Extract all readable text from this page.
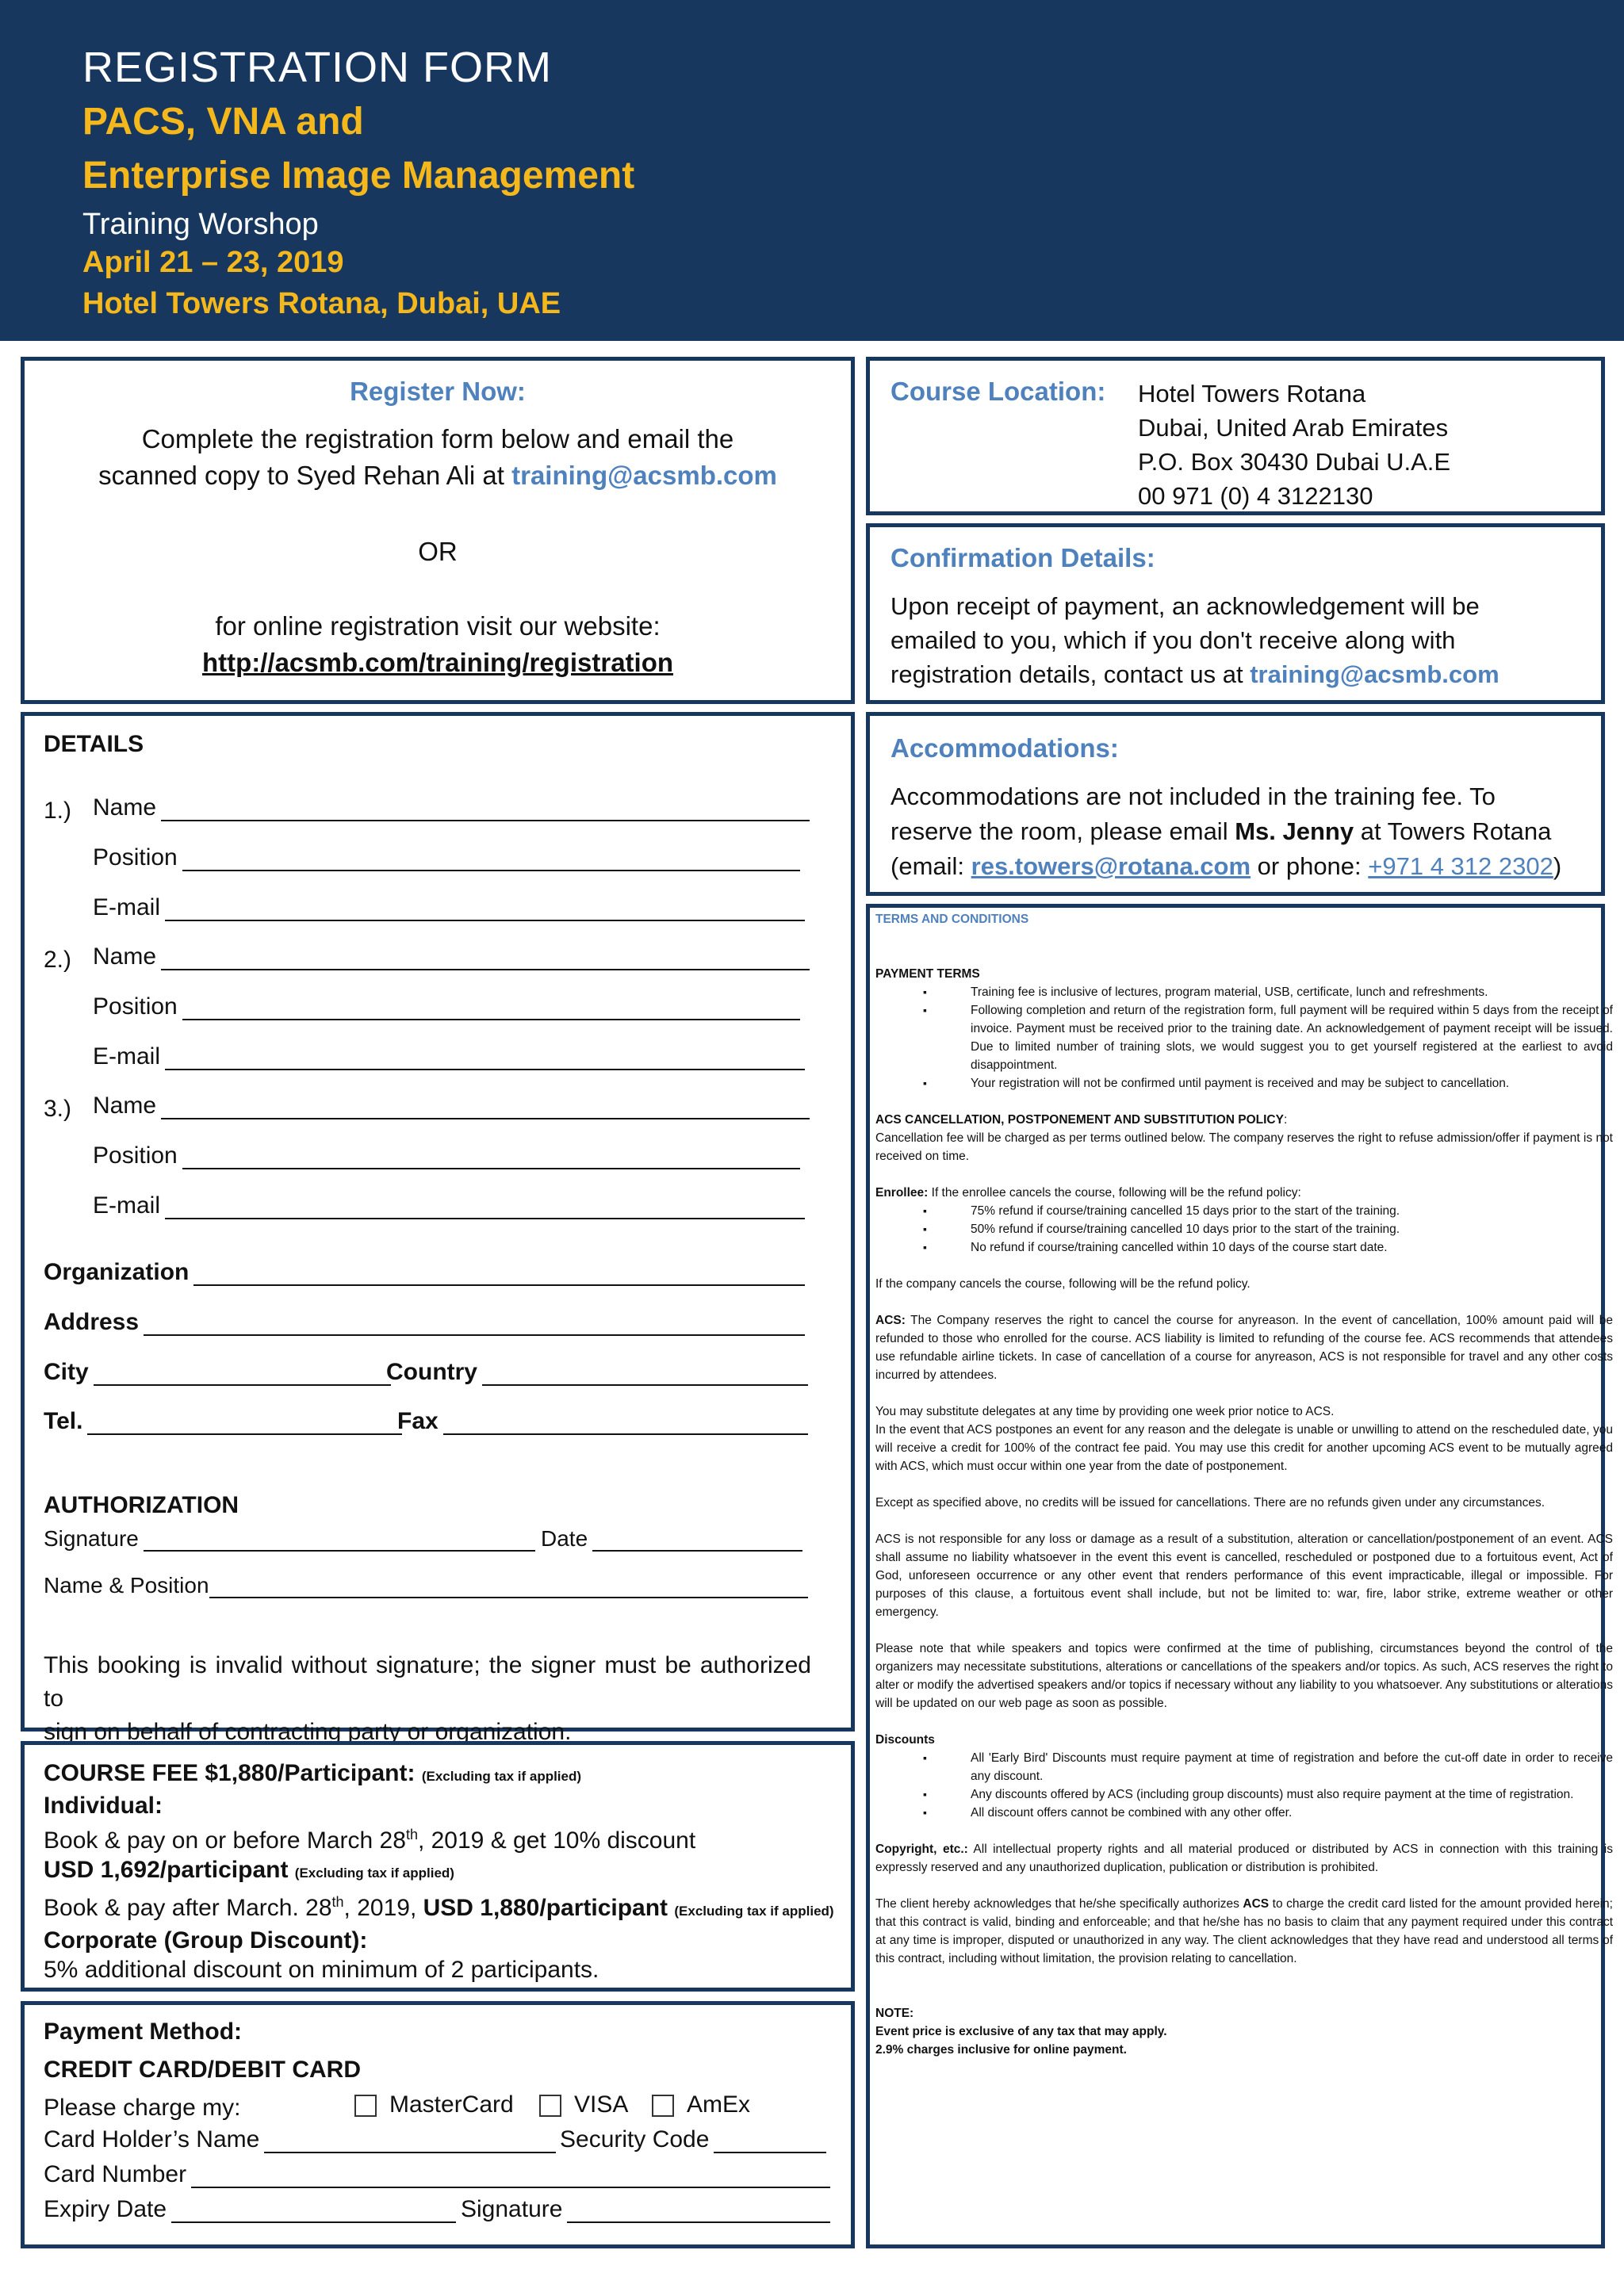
REGISTRATION FORM
PACS, VNA and
Enterprise Image Management
Training Worshop
April 21 – 23, 2019
Hotel Towers Rotana, Dubai, UAE
Register Now:
Complete the registration form below and email the
scanned copy to Syed Rehan Ali at training@acsmb.com
OR
for online registration visit our website:
http://acsmb.com/training/registration
Course Location: Hotel Towers Rotana
Dubai, United Arab Emirates
P.O. Box 30430 Dubai U.A.E
00 971 (0) 4 3122130
Confirmation Details:
Upon receipt of payment, an acknowledgement will be
emailed to you, which if you don't receive along with
registration details, contact us at training@acsmb.com
Accommodations:
Accommodations are not included in the training fee. To
reserve the room, please email Ms. Jenny at Towers Rotana
(email: res.towers@rotana.com or phone: +971 4 312 2302)

TERMS AND CONDITIONS

PAYMENT TERMS

▪ Training fee is inclusive of lectures, program material, USB, certificate, lunch and refreshments.
▪ Following completion and return of the registration form, full payment will be required within 5 days from the receipt of invoice. Payment must be received prior to the training date. An acknowledgement of payment receipt will be issued. Due to limited number of training slots, we would suggest you to get yourself registered at the earliest to avoid disappointment.
▪ Your registration will not be confirmed until payment is received and may be subject to cancellation.

ACS CANCELLATION, POSTPONEMENT AND SUBSTITUTION POLICY:

Cancellation fee will be charged as per terms outlined below. The company reserves the right to refuse admission/offer if payment is not received on time.

Enrollee: If the enrollee cancels the course, following will be the refund policy:

▪ 75% refund if course/training cancelled 15 days prior to the start of the training.
▪ 50% refund if course/training cancelled 10 days prior to the start of the training.
▪ No refund if course/training cancelled within 10 days of the course start date.

If the company cancels the course, following will be the refund policy.

ACS: The Company reserves the right to cancel the course for anyreason. In the event of cancellation, 100% amount paid will be refunded to those who enrolled for the course. ACS liability is limited to refunding of the course fee. ACS recommends that attendees use refundable airline tickets. In case of cancellation of a course for anyreason, ACS is not responsible for travel and any other costs incurred by attendees.

You may substitute delegates at any time by providing one week prior notice to ACS.

In the event that ACS postpones an event for any reason and the delegate is unable or unwilling to attend on the rescheduled date, you will receive a credit for 100% of the contract fee paid. You may use this credit for another upcoming ACS event to be mutually agreed with ACS, which must occur within one year from the date of postponement.

Except as specified above, no credits will be issued for cancellations. There are no refunds given under any circumstances.

ACS is not responsible for any loss or damage as a result of a substitution, alteration or cancellation/postponement of an event. ACS shall assume no liability whatsoever in the event this event is cancelled, rescheduled or postponed due to a fortuitous event, Act of God, unforeseen occurrence or any other event that renders performance of this event impracticable, illegal or impossible. For purposes of this clause, a fortuitous event shall include, but not be limited to: war, fire, labor strike, extreme weather or other emergency.

Please note that while speakers and topics were confirmed at the time of publishing, circumstances beyond the control of the organizers may necessitate substitutions, alterations or cancellations of the speakers and/or topics. As such, ACS reserves the right to alter or modify the advertised speakers and/or topics if necessary without any liability to you whatsoever. Any substitutions or alterations will be updated on our web page as soon as possible.

Discounts

▪ All 'Early Bird' Discounts must require payment at time of registration and before the cut-off date in order to receive any discount.
▪ Any discounts offered by ACS (including group discounts) must also require payment at the time of registration.
▪ All discount offers cannot be combined with any other offer.

Copyright, etc.: All intellectual property rights and all material produced or distributed by ACS in connection with this training is expressly reserved and any unauthorized duplication, publication or distribution is prohibited.

The client hereby acknowledges that he/she specifically authorizes ACS to charge the credit card listed for the amount provided herein; that this contract is valid, binding and enforceable; and that he/she has no basis to claim that any payment required under this contract at any time is improper, disputed or unauthorized in any way. The client acknowledges that they have read and understood all terms of this contract, including without limitation, the provision relating to cancellation.

NOTE:

Event price is exclusive of any tax that may apply.

2.9% charges inclusive for online payment.

DETAILS
1.) Name
Position
E-mail
2.) Name
Position
E-mail
3.) Name
Position
E-mail
Organization
Address
City	Country
Tel.	Fax
AUTHORIZATION
Signature	Date
Name & Position
This booking is invalid without signature; the signer must be authorized to
sign on behalf of contracting party or organization.
COURSE FEE $1,880/Participant: (Excluding tax if applied)
Individual:
Book & pay on or before March 28th, 2019 & get 10% discount
USD 1,692/participant (Excluding tax if applied)
Book & pay after March. 28th, 2019, USD 1,880/participant (Excluding tax if applied)
Corporate (Group Discount):
5% additional discount on minimum of 2 participants.
Payment Method:
CREDIT CARD/DEBIT CARD
Please charge my:	MasterCard	VISA	AmEx
Card Holder’s Name	Security Code
Card Number
Expiry Date	Signature
